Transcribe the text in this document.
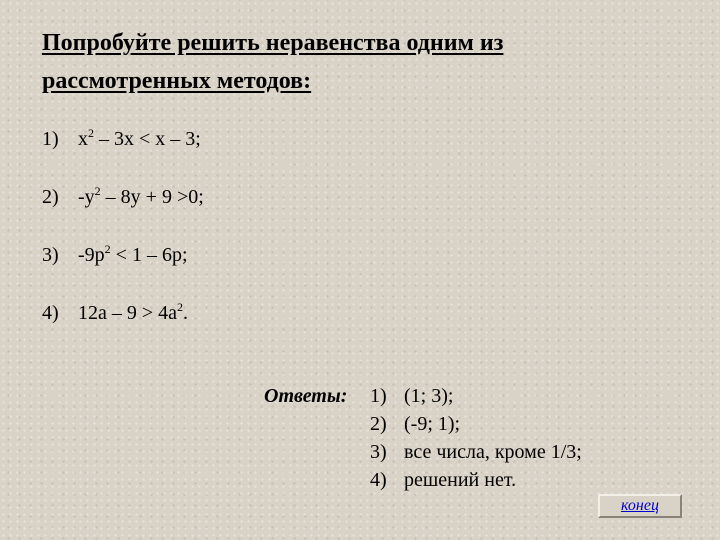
Попробуйте решить неравенства одним из
рассмотренных методов:
1) $x^2 - 3x < x - 3$;
2) $-y^2 - 8y + 9 >0$;
3) $-9p^2 < 1 - 6p$;
4) $12a - 9 > 4a^2$.
Ответы: 1) (1; 3);
2) (-9; 1);
3) все числа, кроме 1/3;
4) решений нет.
конец
